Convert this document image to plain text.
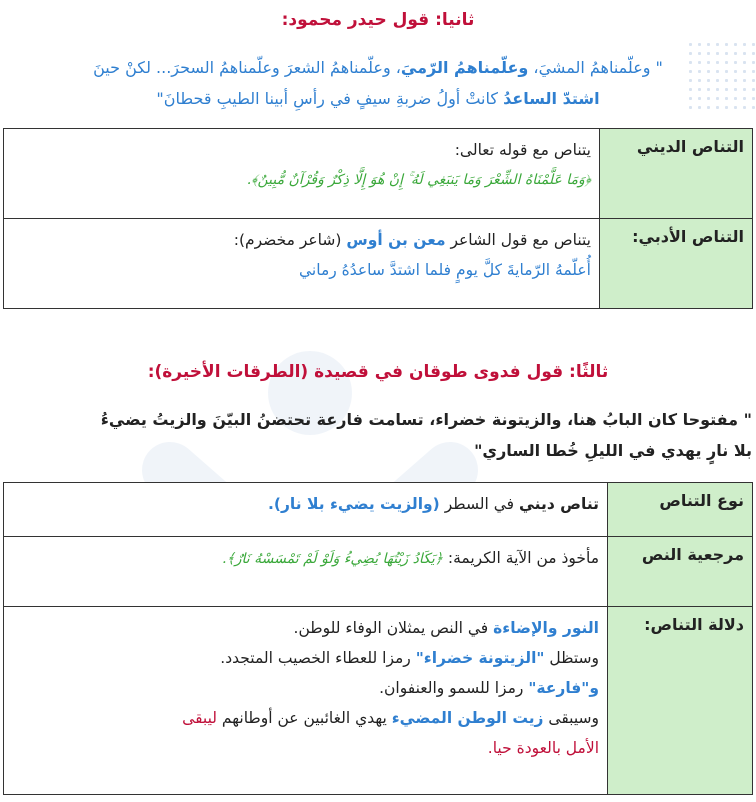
ثانيا: قول حيدر محمود:
" وعلّمناهمُ المشيَ، وعلّمناهمُ الرّميَ، وعلّمناهمُ الشعرَ وعلّمناهمُ السحرَ... لكنْ حينَ
اشتدّ الساعدُ كانتْ أولُ ضربةِ سيفٍ في رأسِ أبينا الطيبِ قحطانَ"
التناص الديني	يتناص مع قوله تعالى:
﴿وَمَا عَلَّمْنَاهُ الشِّعْرَ وَمَا يَنبَغِي لَهُ ۚ إِنْ هُوَ إِلَّا ذِكْرٌ وَقُرْآنٌ مُّبِينٌ﴾.

التناص الأدبي:	يتناص مع قول الشاعر معن بن أوس (شاعر مخضرم):
أُعلّمهُ الرّمايةَ كلَّ يومٍ فلما اشتدَّ ساعدُهُ رماني
ثالثًا: قول فدوى طوقان في قصيدة (الطرقات الأخيرة):
" مفتوحا كان البابُ هنا، والزيتونة خضراء، تسامت فارعة تحتضنُ البيّنَ والزيتُ يضيءُ
بلا نارٍ يهدي في الليلِ خُطا الساري"
نوع التناص	تناص ديني في السطر (والزيت يضيء بلا نار).
مرجعية النص	مأخوذ من الآية الكريمة: ﴿يَكَادُ زَيْتُهَا يُضِيءُ وَلَوْ لَمْ تَمْسَسْهُ نَارٌ﴾.
دلالة التناص:	النور والإضاءة في النص يمثلان الوفاء للوطن.
وستظل "الزيتونة خضراء" رمزا للعطاء الخصيب المتجدد.
و"فارعة" رمزا للسمو والعنفوان.
وسيبقى زيت الوطن المضيء يهدي الغائبين عن أوطانهم ليبقى
الأمل بالعودة حيا.
